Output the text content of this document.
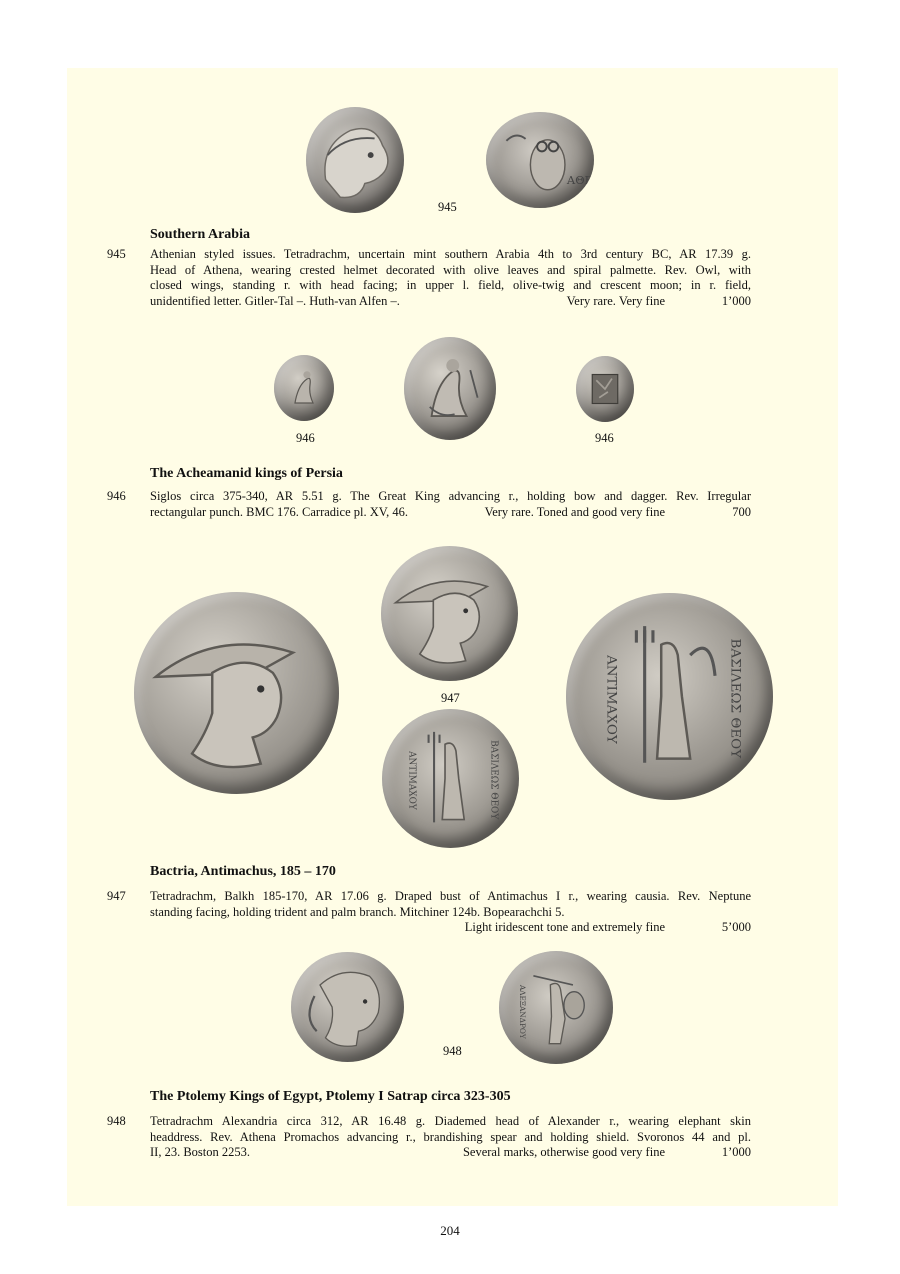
ΑΘΕ
945
Southern Arabia
945 Athenian styled issues. Tetradrachm, uncertain mint southern Arabia 4th to 3rd century BC, AR 17.39 g.
Head of Athena, wearing crested helmet decorated with olive leaves and spiral palmette. Rev. Owl, with
closed wings, standing r. with head facing; in upper l. field, olive-twig and crescent moon; in r. field,
unidentified letter. Gitler-Tal –. Huth-van Alfen –.	Very rare. Very fine	1’000
946	946
The Acheamanid kings of Persia
946 Siglos circa 375-340, AR 5.51 g. The Great King advancing r., holding bow and dagger. Rev. Irregular
rectangular punch. BMC 176. Carradice pl. XV, 46.	Very rare. Toned and good very fine	700
ΑΝΤΙΜΑΧΟΥ	ΒΑΣΙΛΕΩΣ ΘΕΟΥ
ΑΝΤΙΜΑΧΟΥ	ΒΑΣΙΛΕΩΣ ΘΕΟΥ
947
Bactria, Antimachus, 185 – 170
947 Tetradrachm, Balkh 185-170, AR 17.06 g. Draped bust of Antimachus I r., wearing causia. Rev. Neptune
standing facing, holding trident and palm branch. Mitchiner 124b. Bopearachchi 5.
Light iridescent tone and extremely fine	5’000
ΑΛΕΞΑΝΔΡΟΥ
948
The Ptolemy Kings of Egypt, Ptolemy I Satrap circa 323-305
948 Tetradrachm Alexandria circa 312, AR 16.48 g. Diademed head of Alexander r., wearing elephant skin
headdress. Rev. Athena Promachos advancing r., brandishing spear and holding shield. Svoronos 44 and pl.
II, 23. Boston 2253.	Several marks, otherwise good very fine	1’000
204
